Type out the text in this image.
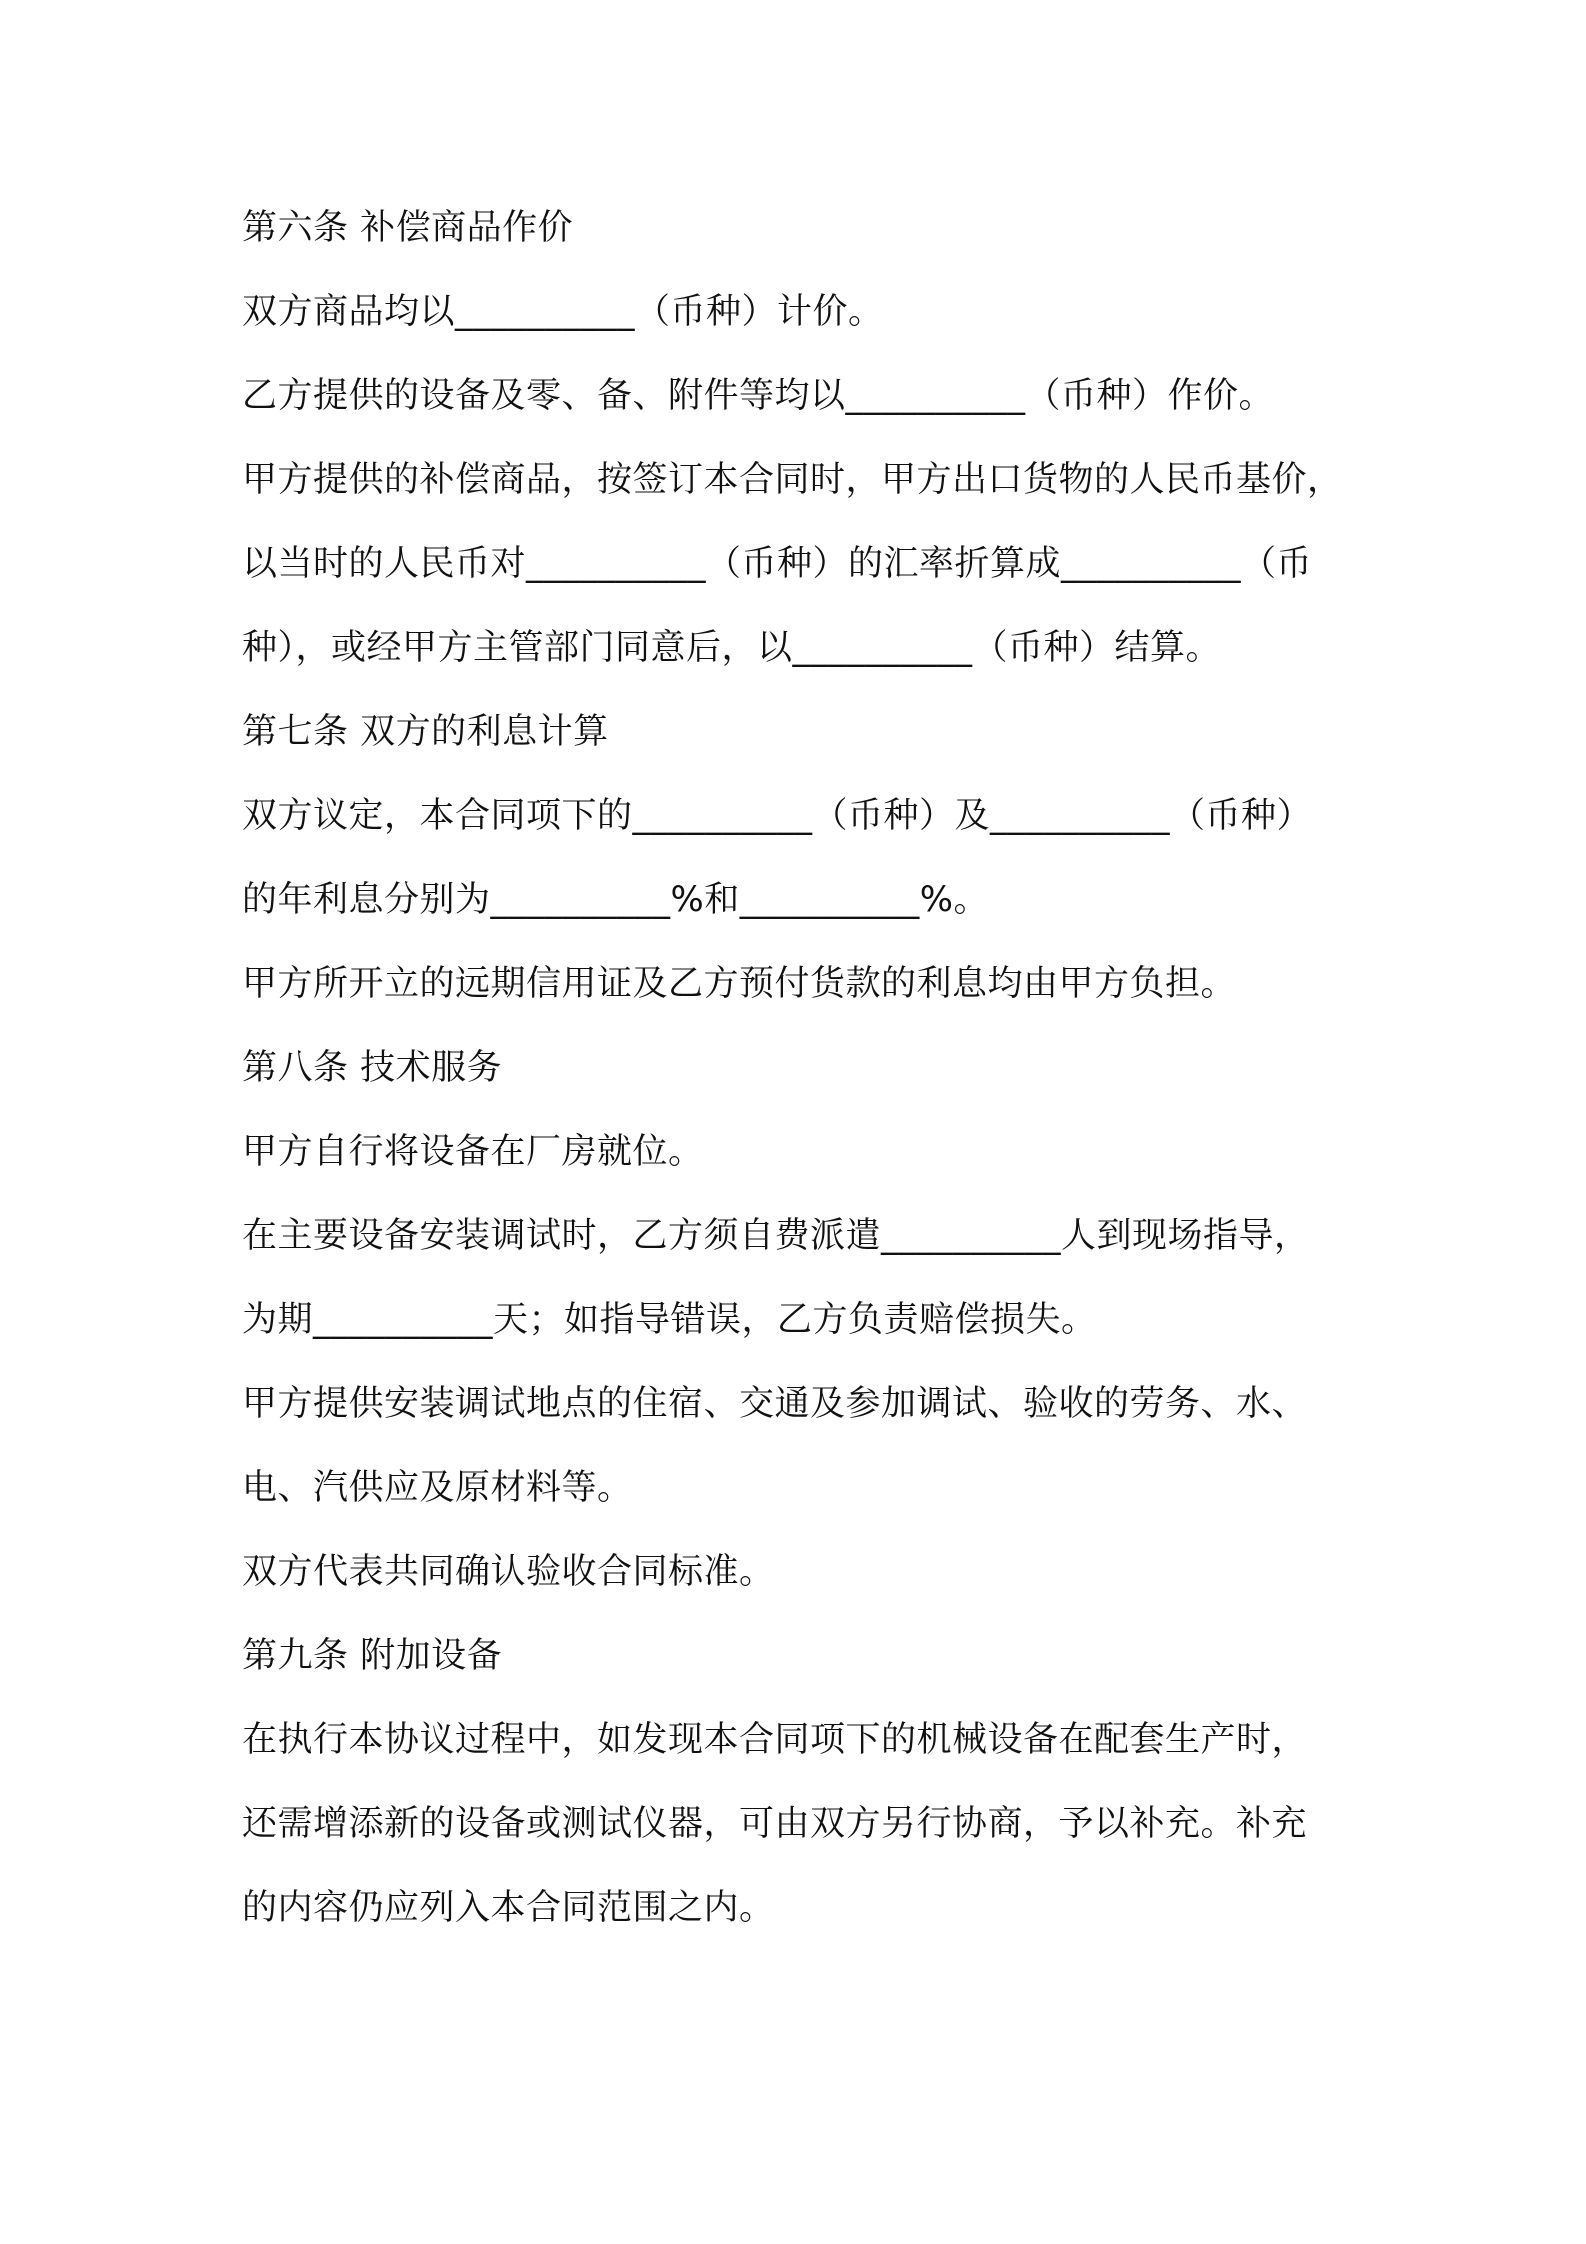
第六条 补偿商品作价
双方商品均以__________（币种）计价。
乙方提供的设备及零、备、附件等均以__________（币种）作价。
甲方提供的补偿商品，按签订本合同时，甲方出口货物的人民币基价，
以当时的人民币对__________（币种）的汇率折算成__________（币
种），或经甲方主管部门同意后，以__________（币种）结算。
第七条 双方的利息计算
双方议定，本合同项下的__________（币种）及__________（币种）
的年利息分别为__________%和__________%。
甲方所开立的远期信用证及乙方预付货款的利息均由甲方负担。
第八条 技术服务
甲方自行将设备在厂房就位。
在主要设备安装调试时，乙方须自费派遣__________人到现场指导，
为期__________天；如指导错误，乙方负责赔偿损失。
甲方提供安装调试地点的住宿、交通及参加调试、验收的劳务、水、
电、汽供应及原材料等。
双方代表共同确认验收合同标准。
第九条 附加设备
在执行本协议过程中，如发现本合同项下的机械设备在配套生产时，
还需增添新的设备或测试仪器，可由双方另行协商，予以补充。补充
的内容仍应列入本合同范围之内。
